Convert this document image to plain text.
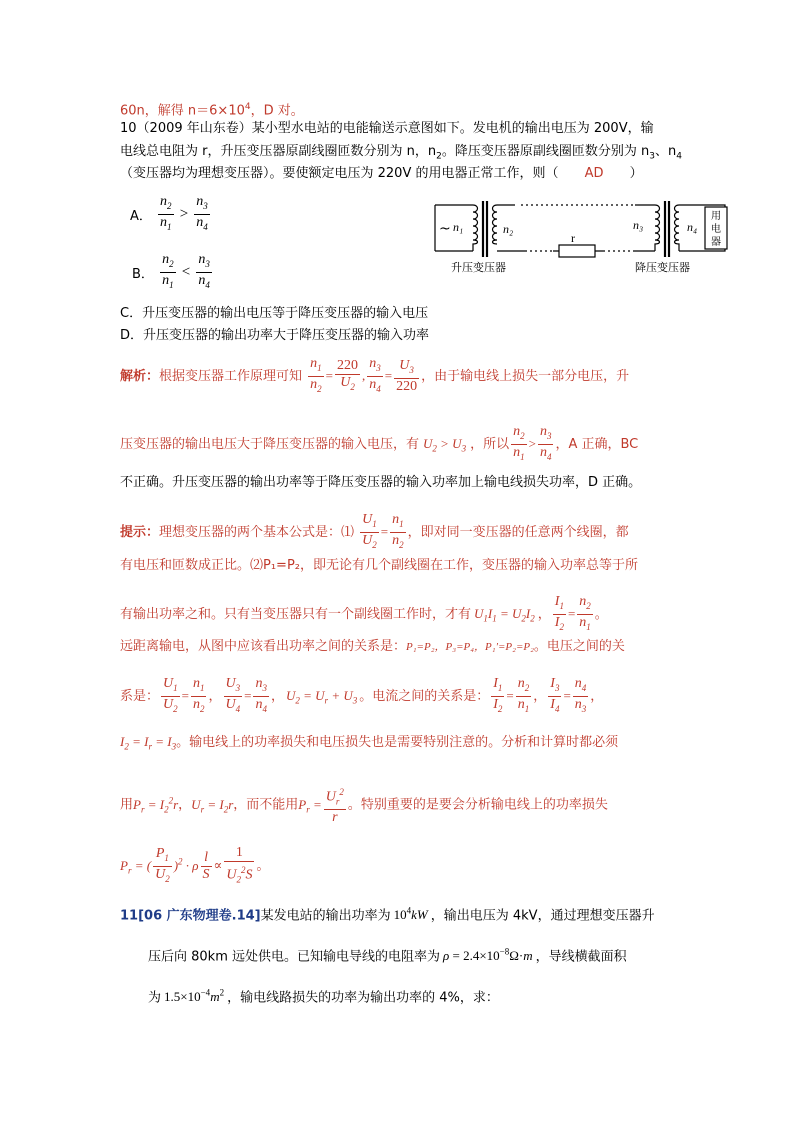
60n，解得 $n=6\times 10^4$，D 对。
10（2009 年山东卷）某小型水电站的电能输送示意图如下。发电机的输出电压为 200V，输
电线总电阻为 r，升压变压器原副线圈匝数分别为 n，$n_2$。降压变压器原副线圈匝数分别为 $n_3$、$n_4$
（变压器均为理想变压器）。要使额定电压为 220V 的用电器正常工作，则（ AD ）
A． $\frac{n_2}{n_1} > \frac{n_3}{n_4}$
B． $\frac{n_2}{n_1} < \frac{n_3}{n_4}$
~ n₁	n₂	n₃	n₄
r
用
电
器
升压变压器	降压变压器
C．升压变压器的输出电压等于降压变压器的输入电压
D．升压变压器的输出功率大于降压变压器的输入功率
解析：根据变压器工作原理可知 $\frac{n_1}{n_2} = \frac{220}{U_2}$ , $\frac{n_3}{n_4} = \frac{U_3}{220}$ ，由于输电线上损失一部分电压，升
压变压器的输出电压大于降压变压器的输入电压，有 $U_2 > U_3$ ，所以 $\frac{n_2}{n_1} > \frac{n_3}{n_4}$ ，A 正确，BC
不正确。升压变压器的输出功率等于降压变压器的输入功率加上输电线损失功率，D 正确。
提示：理想变压器的两个基本公式是：⑴ $\frac{U_1}{U_2} = \frac{n_1}{n_2}$ ，即对同一变压器的任意两个线圈，都
有电压和匝数成正比。⑵P₁=P₂，即无论有几个副线圈在工作，变压器的输入功率总等于所
有输出功率之和。只有当变压器只有一个副线圈工作时，才有 $U_1I_1 = U_2I_2$ ， $\frac{I_1}{I_2} = \frac{n_2}{n_1}$ 。
远距离输电，从图中应该看出功率之间的关系是：P₁=P₂，P₃=P₄，P₁′=P₂=P₂。电压之间的关
系是： $\frac{U_1}{U_2} = \frac{n_1}{n_2}$ ， $\frac{U_3}{U_4} = \frac{n_3}{n_4}$ ， $U_2 = U_r + U_3$ 。电流之间的关系是： $\frac{I_1}{I_2} = \frac{n_2}{n_1}$ ， $\frac{I_3}{I_4} = \frac{n_4}{n_3}$ ，
$I_2 = I_r = I_3$。输电线上的功率损失和电压损失也是需要特别注意的。分析和计算时都必须
用$P_r = I_2^2r$，$U_r = I_2r$，而不能用$P_r = \frac{U_r^2}{r}$ 。特别重要的是要会分析输电线上的功率损失
$P_r$ = ( $\frac{P_1}{U_2} )^2 \cdot \rho \frac{l}{S} \propto \frac{1}{U_2^2S}$ 。
11[06 广东物理卷.14]某发电站的输出功率为 $10^4kW$ ，输出电压为 4kV，通过理想变压器升
压后向 80km 远处供电。已知输电导线的电阻率为 $\rho = 2.4\times 10^{-8}\Omega\cdot m$ ，导线横截面积
为 $1.5\times 10^{-4}m^2$ ，输电线路损失的功率为输出功率的 4%，求：
